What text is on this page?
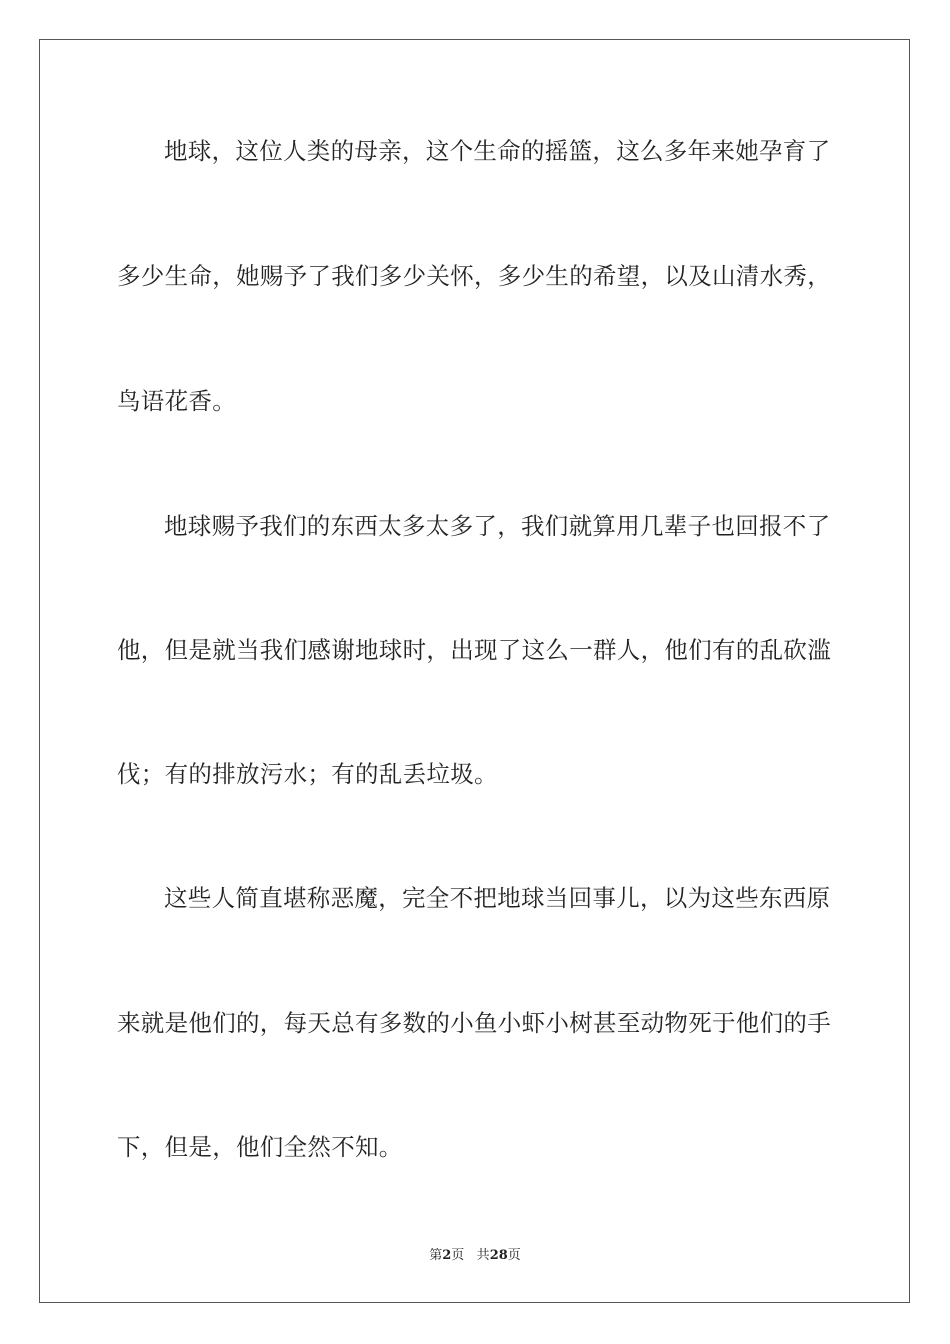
地球，这位人类的母亲，这个生命的摇篮，这么多年来她孕育了
多少生命，她赐予了我们多少关怀，多少生的希望，以及山清水秀，
鸟语花香。
地球赐予我们的东西太多太多了，我们就算用几辈子也回报不了
他，但是就当我们感谢地球时，出现了这么一群人，他们有的乱砍滥
伐；有的排放污水；有的乱丢垃圾。
这些人简直堪称恶魔，完全不把地球当回事儿，以为这些东西原
来就是他们的，每天总有多数的小鱼小虾小树甚至动物死于他们的手
下，但是，他们全然不知。
第2页 共28页
